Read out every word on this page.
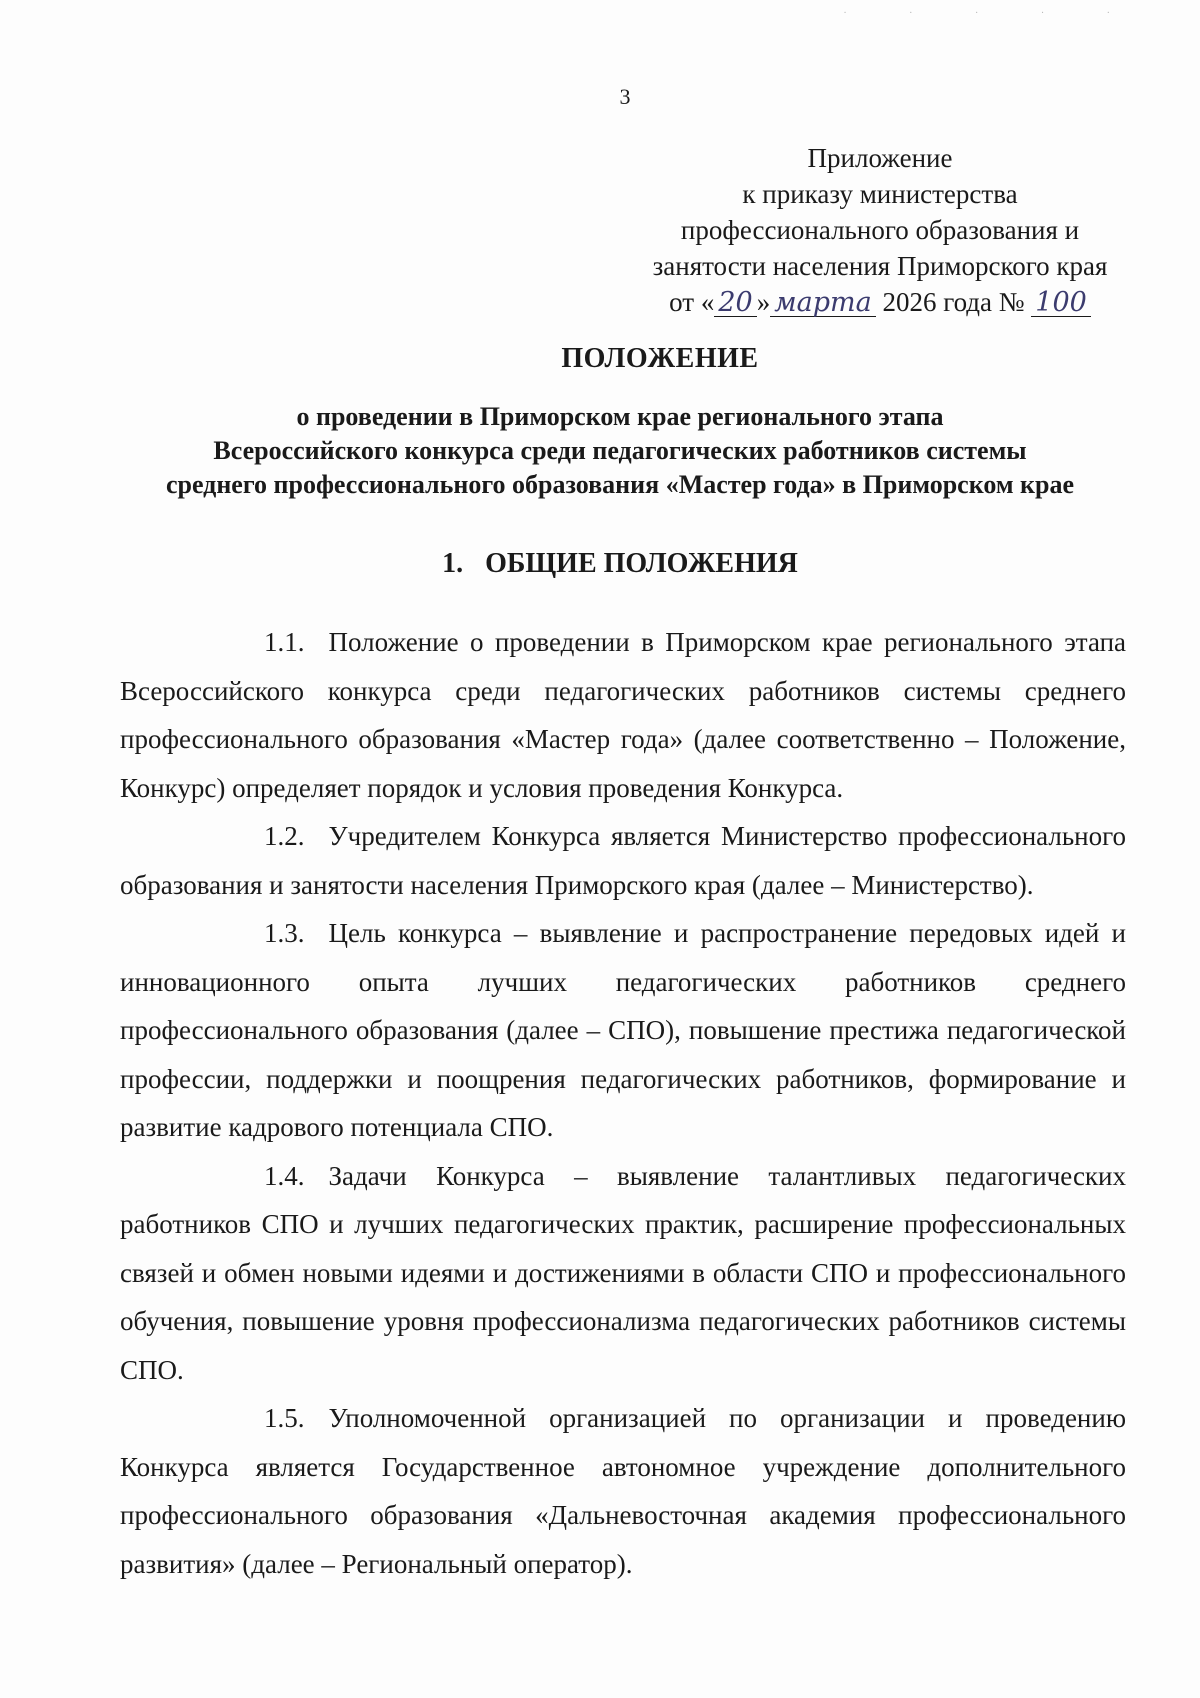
· · · · ·
3
Приложение
к приказу министерства
профессионального образования и
занятости населения Приморского края
от « 20 » марта 2026 года № 100
ПОЛОЖЕНИЕ
о проведении в Приморском крае регионального этапа
Всероссийского конкурса среди педагогических работников системы
среднего профессионального образования «Мастер года» в Приморском крае
1. ОБЩИЕ ПОЛОЖЕНИЯ

1.1. Положение о проведении в Приморском крае регионального этапа Всероссийского конкурса среди педагогических работников системы среднего профессионального образования «Мастер года» (далее соответственно – Положение, Конкурс) определяет порядок и условия проведения Конкурса.

1.2. Учредителем Конкурса является Министерство профессионального образования и занятости населения Приморского края (далее – Министерство).

1.3. Цель конкурса – выявление и распространение передовых идей и инновационного опыта лучших педагогических работников среднего профессионального образования (далее – СПО), повышение престижа педагогической профессии, поддержки и поощрения педагогических работников, формирование и развитие кадрового потенциала СПО.

1.4. Задачи Конкурса – выявление талантливых педагогических работников СПО и лучших педагогических практик, расширение профессиональных связей и обмен новыми идеями и достижениями в области СПО и профессионального обучения, повышение уровня профессионализма педагогических работников системы СПО.

1.5. Уполномоченной организацией по организации и проведению Конкурса является Государственное автономное учреждение дополнительного профессионального образования «Дальневосточная академия профессионального развития» (далее – Региональный оператор).
